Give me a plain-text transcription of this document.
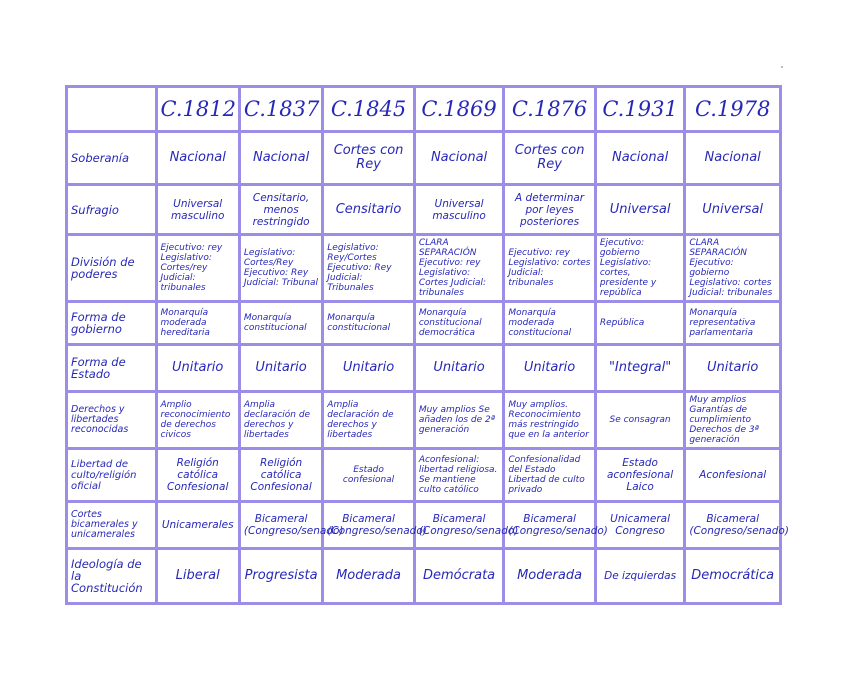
	C.1812	C.1837	C.1845	C.1869	C.1876	C.1931	C.1978
Soberanía	Nacional	Nacional	Cortes con Rey	Nacional	Cortes con Rey	Nacional	Nacional
Sufragio	Universal masculino	Censitario, menos restringido	Censitario	Universal masculino	A determinar por leyes posteriores	Universal	Universal
División de poderes	Ejecutivo: rey Legislativo: Cortes/rey Judicial: tribunales	Legislativo: Cortes/Rey Ejecutivo: Rey Judicial: Tribunal	Legislativo: Rey/Cortes Ejecutivo: Rey Judicial: Tribunales	CLARA SEPARACIÓN Ejecutivo: rey Legislativo: Cortes Judicial: tribunales	Ejecutivo: rey Legislativo: cortes Judicial: tribunales	Ejecutivo: gobierno Legislativo: cortes, presidente y república	CLARA SEPARACIÓN Ejecutivo: gobierno Legislativo: cortes Judicial: tribunales
Forma de gobierno	Monarquía moderada hereditaria	Monarquía constitucional	Monarquía constitucional	Monarquía constitucional democrática	Monarquía moderada constitucional	República	Monarquía representativa parlamentaria
Forma de Estado	Unitario	Unitario	Unitario	Unitario	Unitario	"Integral"	Unitario
Derechos y libertades reconocidas	Amplio reconocimiento de derechos civicos	Amplia declaración de derechos y libertades	Amplia declaración de derechos y libertades	Muy amplios Se añaden los de 2ª generación	Muy amplios. Reconocimiento más restringido que en la anterior	Se consagran	Muy amplios Garantías de cumplimiento Derechos de 3ª generación
Libertad de culto/religión oficial	Religión católica Confesional	Religión católica Confesional	Estado confesional	Aconfesional: libertad religiosa. Se mantiene culto católico	Confesionalidad del Estado Libertad de culto privado	Estado aconfesional Laico	Aconfesional
Cortes bicamerales y unicamerales	Unicamerales	Bicameral (Congreso/senado)	Bicameral (Congreso/senado)	Bicameral (Congreso/senado)	Bicameral (Congreso/senado)	Unicameral Congreso	Bicameral (Congreso/senado)
Ideología de la Constitución	Liberal	Progresista	Moderada	Demócrata	Moderada	De izquierdas	Democrática
